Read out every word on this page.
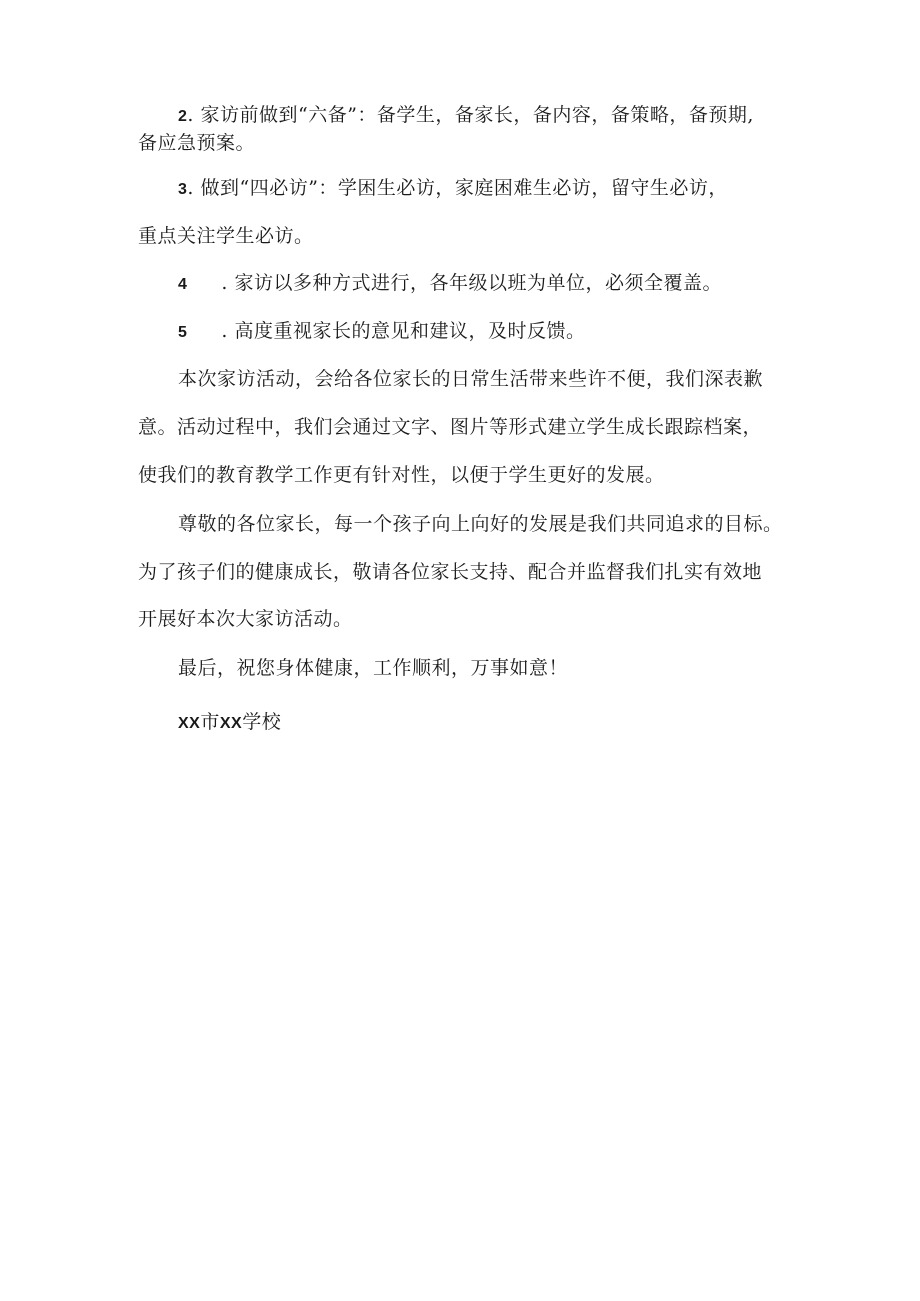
2. 家访前做到“六备”：备学生，备家长，备内容，备策略，备预期,
备应急预案。
3. 做到“四必访”：学困生必访，家庭困难生必访，留守生必访，
重点关注学生必访。
4 . 家访以多种方式进行，各年级以班为单位，必须全覆盖。
5 . 高度重视家长的意见和建议，及时反馈。
本次家访活动，会给各位家长的日常生活带来些许不便，我们深表歉
意。活动过程中，我们会通过文字、图片等形式建立学生成长跟踪档案，
使我们的教育教学工作更有针对性，以便于学生更好的发展。
尊敬的各位家长，每一个孩子向上向好的发展是我们共同追求的目标。
为了孩子们的健康成长，敬请各位家长支持、配合并监督我们扎实有效地
开展好本次大家访活动。
最后，祝您身体健康，工作顺利，万事如意！
XX市XX学校
